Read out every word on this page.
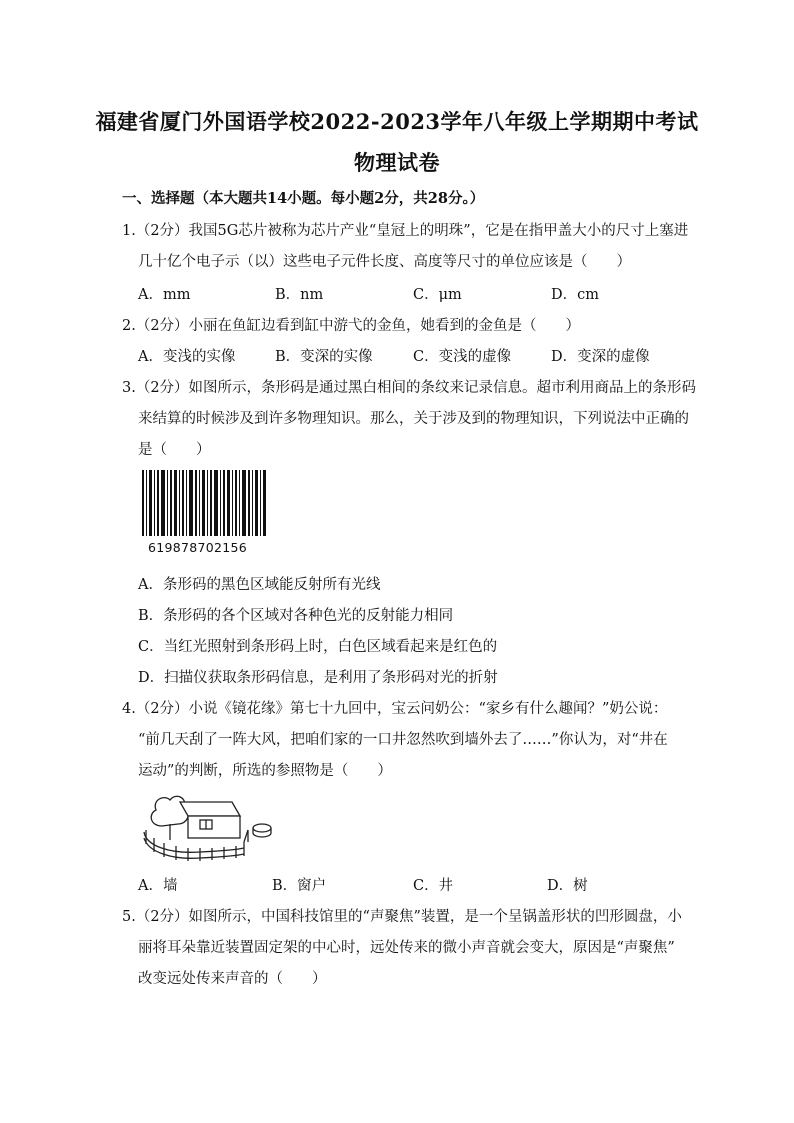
福建省厦门外国语学校2022-2023学年八年级上学期期中考试
物理试卷
一、选择题（本大题共14小题。每小题2分，共28分。）
1.（2分）我国5G芯片被称为芯片产业“皇冠上的明珠”，它是在指甲盖大小的尺寸上塞进
几十亿个电子示（以）这些电子元件长度、高度等尺寸的单位应该是（　　）
A．mm	B．nm	C．μm	D．cm
2.（2分）小丽在鱼缸边看到缸中游弋的金鱼，她看到的金鱼是（　　）
A．变浅的实像	B．变深的实像	C．变浅的虚像	D．变深的虚像
3.（2分）如图所示，条形码是通过黑白相间的条纹来记录信息。超市利用商品上的条形码
来结算的时候涉及到许多物理知识。那么，关于涉及到的物理知识，下列说法中正确的
是（　　）
619878702156
A．条形码的黑色区域能反射所有光线
B．条形码的各个区域对各种色光的反射能力相同
C．当红光照射到条形码上时，白色区域看起来是红色的
D．扫描仪获取条形码信息，是利用了条形码对光的折射
4.（2分）小说《镜花缘》第七十九回中，宝云问奶公：“家乡有什么趣闻？”奶公说：
“前几天刮了一阵大风，把咱们家的一口井忽然吹到墙外去了……”你认为，对“井在
运动”的判断，所选的参照物是（　　）
A．墙	B．窗户	C．井	D．树
5.（2分）如图所示，中国科技馆里的“声聚焦”装置，是一个呈锅盖形状的凹形圆盘，小
丽将耳朵靠近装置固定架的中心时，远处传来的微小声音就会变大，原因是“声聚焦”
改变远处传来声音的（　　）
